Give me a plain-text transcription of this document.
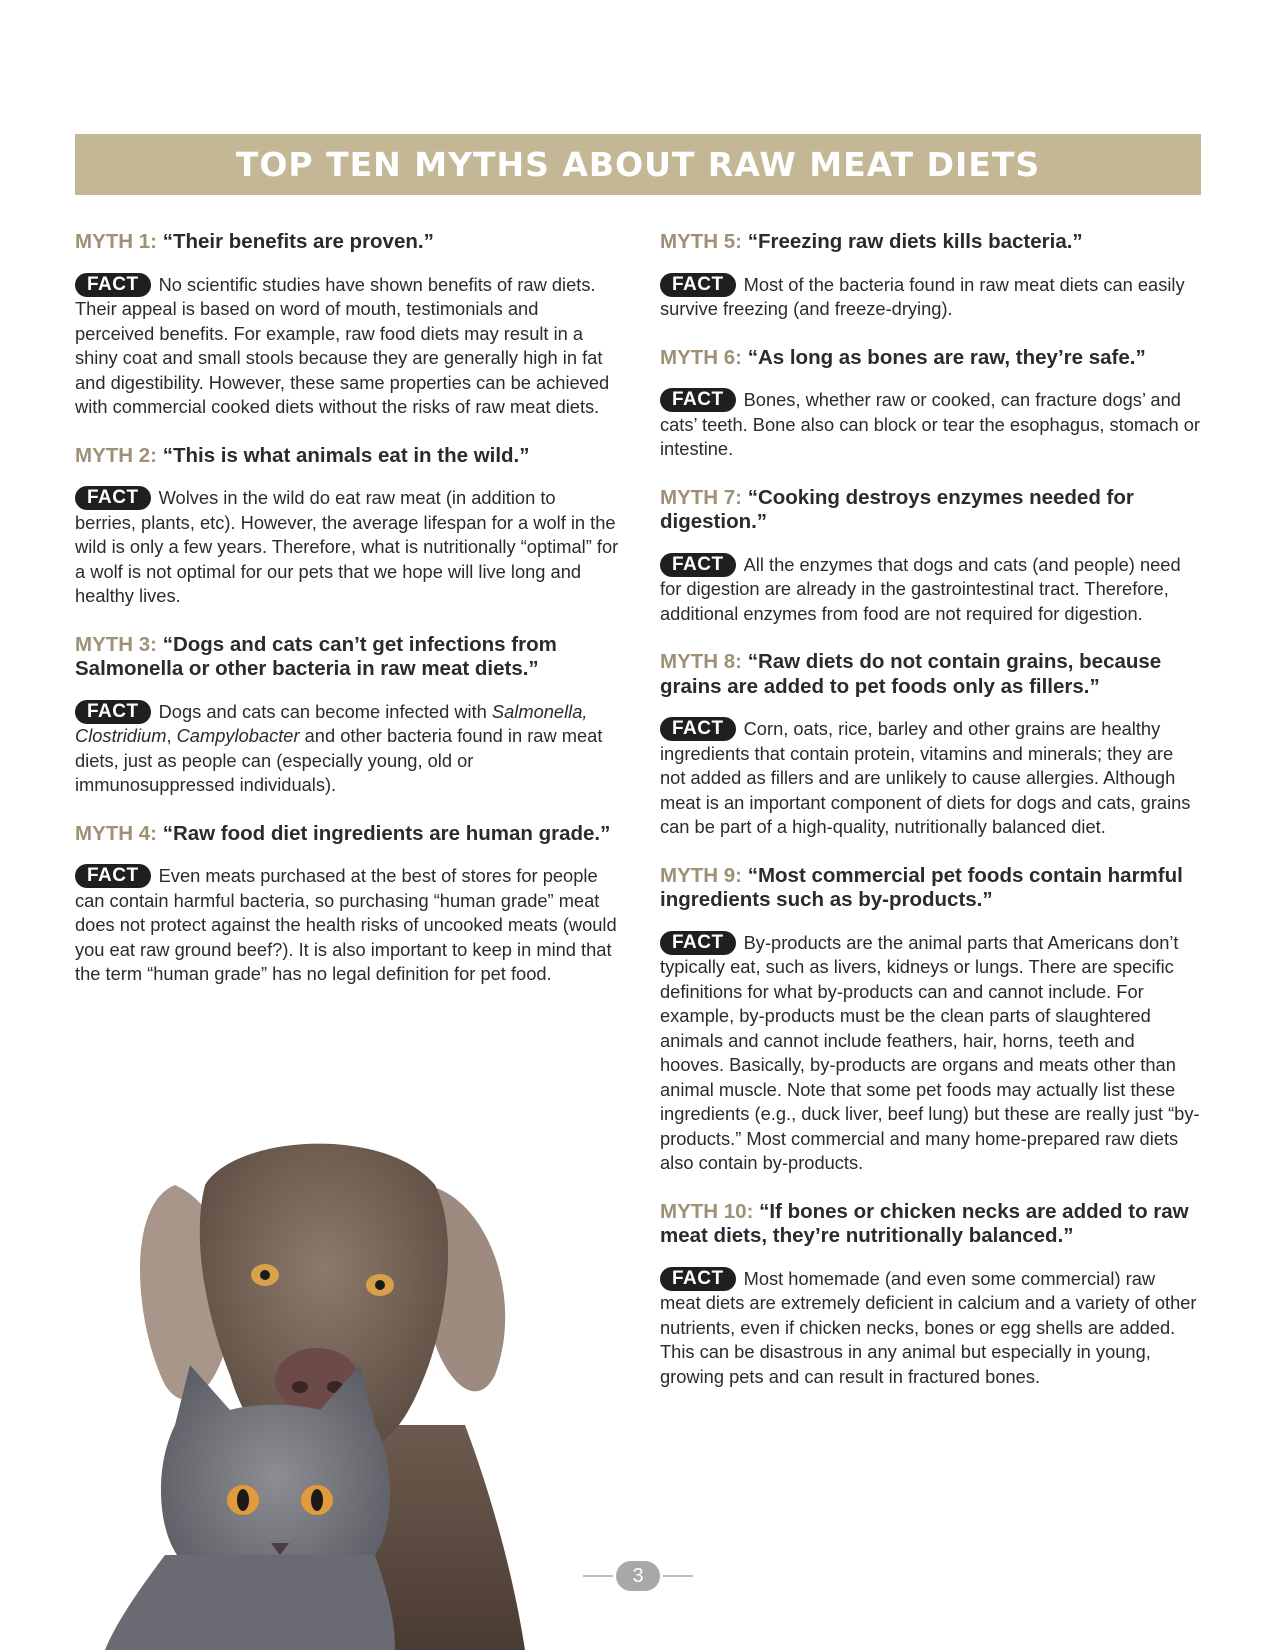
TOP TEN MYTHS ABOUT RAW MEAT DIETS

MYTH 1: “Their benefits are proven.”

FACT No scientific studies have shown benefits of raw diets. Their appeal is based on word of mouth, testimonials and perceived benefits. For example, raw food diets may result in a shiny coat and small stools because they are generally high in fat and digestibility. However, these same properties can be achieved with commercial cooked diets without the risks of raw meat diets.

MYTH 2: “This is what animals eat in the wild.”

FACT Wolves in the wild do eat raw meat (in addition to berries, plants, etc). However, the average lifespan for a wolf in the wild is only a few years. Therefore, what is nutritionally “optimal” for a wolf is not optimal for our pets that we hope will live long and healthy lives.

MYTH 3: “Dogs and cats can’t get infections from Salmonella or other bacteria in raw meat diets.”

FACT Dogs and cats can become infected with Salmonella, Clostridium, Campylobacter and other bacteria found in raw meat diets, just as people can (especially young, old or immunosuppressed individuals).

MYTH 4: “Raw food diet ingredients are human grade.”

FACT Even meats purchased at the best of stores for people can contain harmful bacteria, so purchasing “human grade” meat does not protect against the health risks of uncooked meats (would you eat raw ground beef?). It is also important to keep in mind that the term “human grade” has no legal definition for pet food.

MYTH 5: “Freezing raw diets kills bacteria.”

FACT Most of the bacteria found in raw meat diets can easily survive freezing (and freeze-drying).

MYTH 6: “As long as bones are raw, they’re safe.”

FACT Bones, whether raw or cooked, can fracture dogs’ and cats’ teeth. Bone also can block or tear the esophagus, stomach or intestine.

MYTH 7: “Cooking destroys enzymes needed for digestion.”

FACT All the enzymes that dogs and cats (and people) need for digestion are already in the gastrointestinal tract. Therefore, additional enzymes from food are not required for digestion.

MYTH 8: “Raw diets do not contain grains, because grains are added to pet foods only as fillers.”

FACT Corn, oats, rice, barley and other grains are healthy ingredients that contain protein, vitamins and minerals; they are not added as fillers and are unlikely to cause allergies. Although meat is an important component of diets for dogs and cats, grains can be part of a high-quality, nutritionally balanced diet.

MYTH 9: “Most commercial pet foods contain harmful ingredients such as by-products.”

FACT By-products are the animal parts that Americans don’t typically eat, such as livers, kidneys or lungs. There are specific definitions for what by-products can and cannot include. For example, by-products must be the clean parts of slaughtered animals and cannot include feathers, hair, horns, teeth and hooves. Basically, by-products are organs and meats other than animal muscle. Note that some pet foods may actually list these ingredients (e.g., duck liver, beef lung) but these are really just “by-products.” Most commercial and many home-prepared raw diets also contain by-products.

MYTH 10: “If bones or chicken necks are added to raw meat diets, they’re nutritionally balanced.”

FACT Most homemade (and even some commercial) raw meat diets are extremely deficient in calcium and a variety of other nutrients, even if chicken necks, bones or egg shells are added. This can be disastrous in any animal but especially in young, growing pets and can result in fractured bones.

3
